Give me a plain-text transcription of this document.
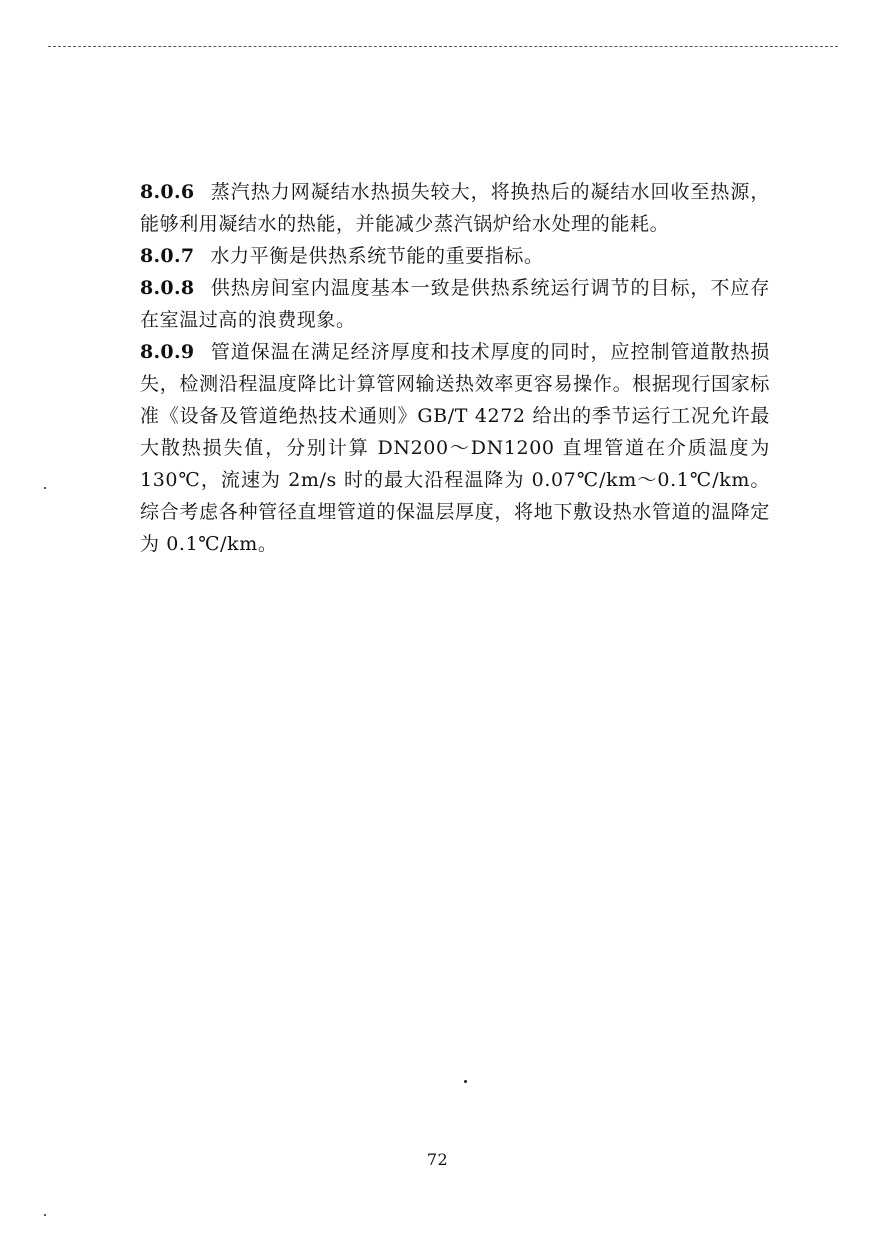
8.0.6 蒸汽热力网凝结水热损失较大，将换热后的凝结水回收至热源，能够利用凝结水的热能，并能减少蒸汽锅炉给水处理的能耗。

8.0.7 水力平衡是供热系统节能的重要指标。

8.0.8 供热房间室内温度基本一致是供热系统运行调节的目标，不应存在室温过高的浪费现象。

8.0.9 管道保温在满足经济厚度和技术厚度的同时，应控制管道散热损失，检测沿程温度降比计算管网输送热效率更容易操作。根据现行国家标准《设备及管道绝热技术通则》GB/T 4272 给出的季节运行工况允许最大散热损失值，分别计算 DN200～DN1200 直埋管道在介质温度为 130℃，流速为 2m/s 时的最大沿程温降为 0.07℃/km～0.1℃/km。综合考虑各种管径直埋管道的保温层厚度，将地下敷设热水管道的温降定为 0.1℃/km。

72
